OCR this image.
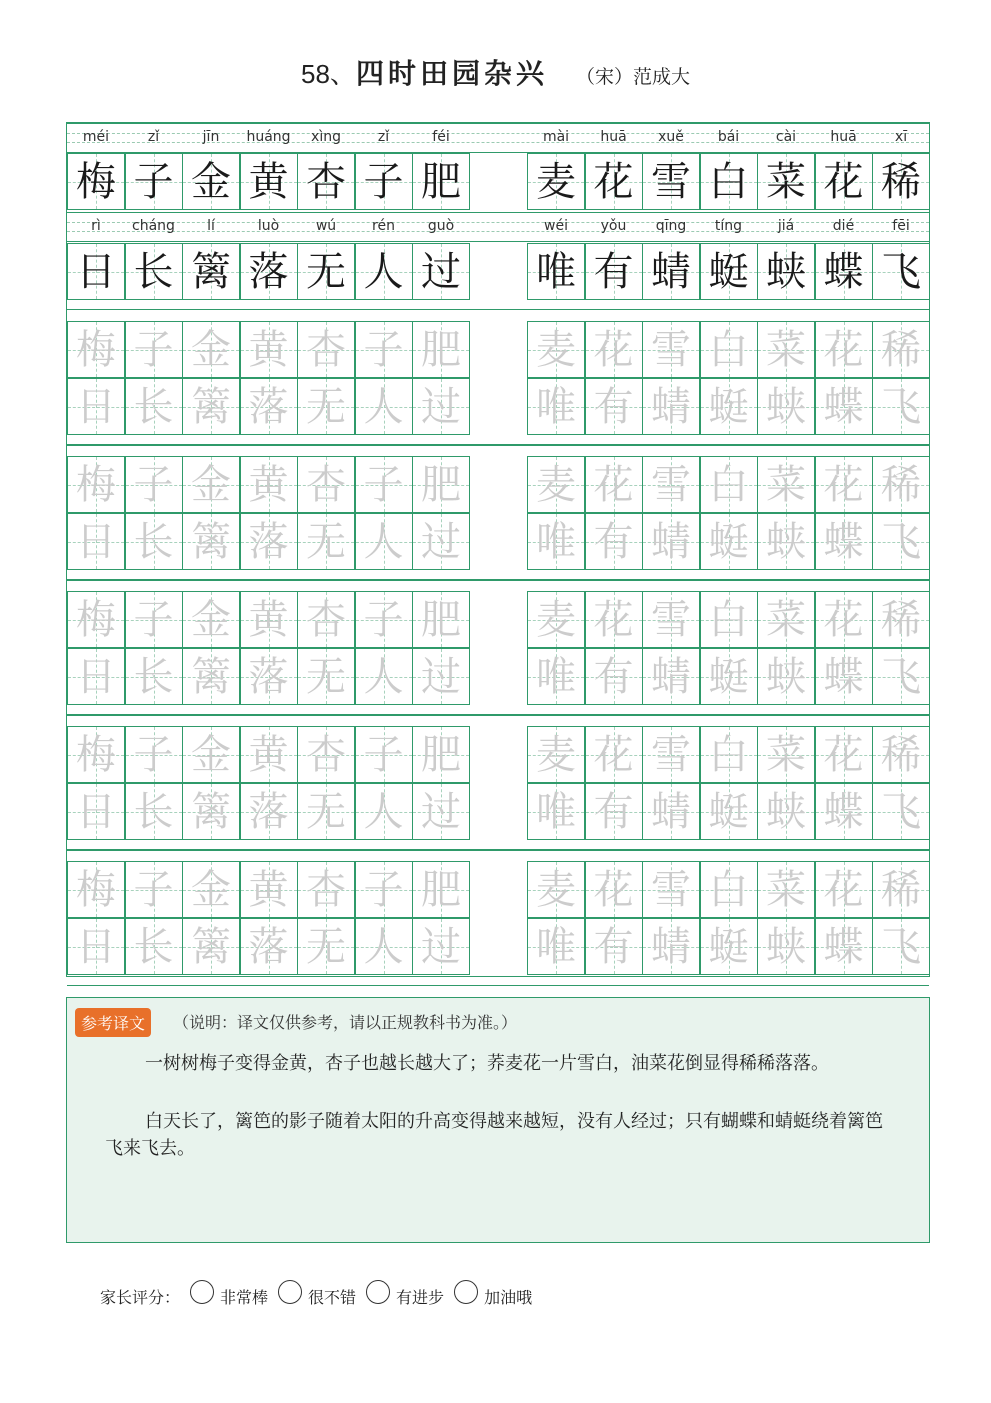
58、四时田园杂兴 （宋）范成大
méi	zǐ	jīn	huáng	xìng	zǐ	féi	mài	huā	xuě	bái	cài	huā	xī
梅 子 金 黄 杏 子 肥 麦 花 雪 白 菜 花 稀
rì	cháng	lí	luò	wú	rén	guò	wéi	yǒu	qīng	tíng	jiá	dié	fēi
日 长 篱 落 无 人 过 唯 有 蜻 蜓 蛱 蝶 飞
梅 子 金 黄 杏 子 肥 麦 花 雪 白 菜 花 稀
日 长 篱 落 无 人 过 唯 有 蜻 蜓 蛱 蝶 飞
梅 子 金 黄 杏 子 肥 麦 花 雪 白 菜 花 稀
日 长 篱 落 无 人 过 唯 有 蜻 蜓 蛱 蝶 飞
梅 子 金 黄 杏 子 肥 麦 花 雪 白 菜 花 稀
日 长 篱 落 无 人 过 唯 有 蜻 蜓 蛱 蝶 飞
梅 子 金 黄 杏 子 肥 麦 花 雪 白 菜 花 稀
日 长 篱 落 无 人 过 唯 有 蜻 蜓 蛱 蝶 飞
梅 子 金 黄 杏 子 肥 麦 花 雪 白 菜 花 稀
日 长 篱 落 无 人 过 唯 有 蜻 蜓 蛱 蝶 飞
参考译文	（说明：译文仅供参考，请以正规教科书为准。）
一树树梅子变得金黄，杏子也越长越大了；荞麦花一片雪白，油菜花倒显得稀稀落落。
白天长了，篱笆的影子随着太阳的升高变得越来越短，没有人经过；只有蝴蝶和蜻蜓绕着篱笆飞来飞去。
家长评分：	非常棒	很不错	有进步	加油哦
